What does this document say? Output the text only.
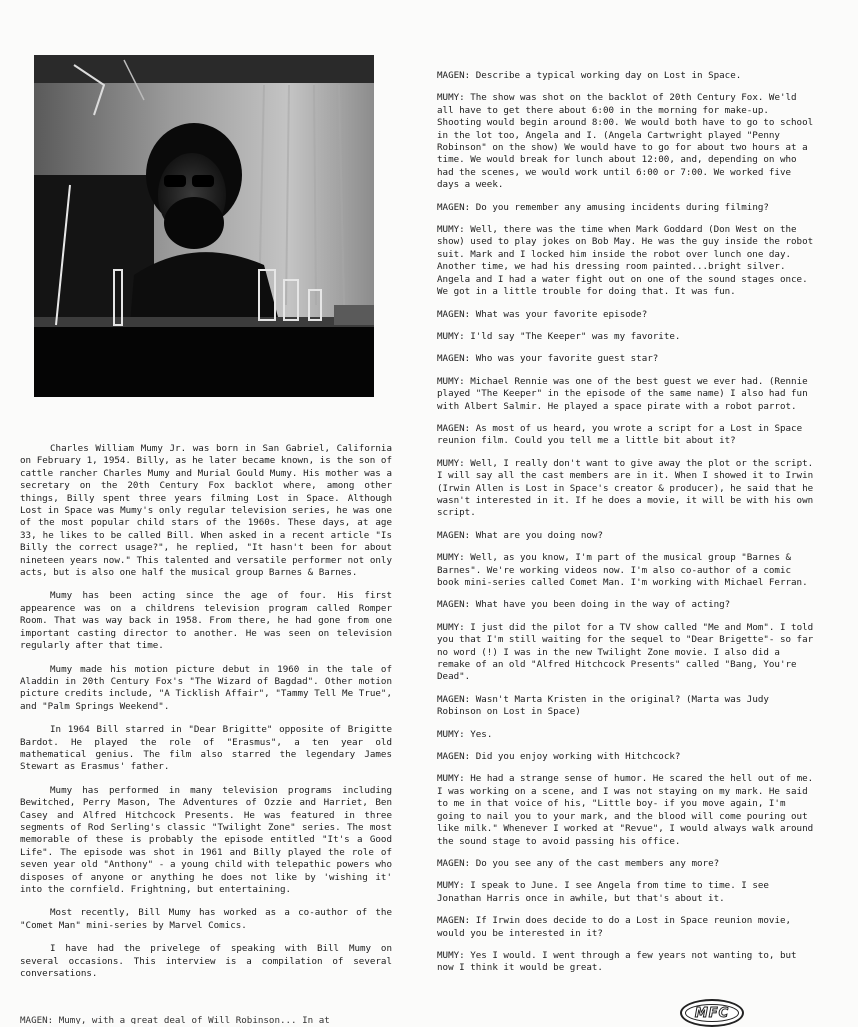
Charles William Mumy Jr. was born in San Gabriel, California on February 1, 1954. Billy, as he later became known, is the son of cattle rancher Charles Mumy and Murial Gould Mumy. His mother was a secretary on the 20th Century Fox backlot where, among other things, Billy spent three years filming Lost in Space. Although Lost in Space was Mumy's only regular television series, he was one of the most popular child stars of the 1960s. These days, at age 33, he likes to be called Bill. When asked in a recent article "Is Billy the correct usage?", he replied, "It hasn't been for about nineteen years now." This talented and versatile performer not only acts, but is also one half the musical group Barnes & Barnes.

Mumy has been acting since the age of four. His first appearence was on a childrens television program called Romper Room. That was way back in 1958. From there, he had gone from one important casting director to another. He was seen on television regularly after that time.

Mumy made his motion picture debut in 1960 in the tale of Aladdin in 20th Century Fox's "The Wizard of Bagdad". Other motion picture credits include, "A Ticklish Affair", "Tammy Tell Me True", and "Palm Springs Weekend".

In 1964 Bill starred in "Dear Brigitte" opposite of Brigitte Bardot. He played the role of "Erasmus", a ten year old mathematical genius. The film also starred the legendary James Stewart as Erasmus' father.

Mumy has performed in many television programs including Bewitched, Perry Mason, The Adventures of Ozzie and Harriet, Ben Casey and Alfred Hitchcock Presents. He was featured in three segments of Rod Serling's classic "Twilight Zone" series. The most memorable of these is probably the episode entitled "It's a Good Life". The episode was shot in 1961 and Billy played the role of seven year old "Anthony" - a young child with telepathic powers who disposes of anyone or anything he does not like by 'wishing it' into the cornfield. Frightning, but entertaining.

Most recently, Bill Mumy has worked as a co-author of the "Comet Man" mini-series by Marvel Comics.

I have had the privelege of speaking with Bill Mumy on several occasions. This interview is a compilation of several conversations.

MAGEN: Mumy, with a great deal of Will Robinson... In at
MAGEN: Describe a typical working day on Lost in Space.
MUMY: The show was shot on the backlot of 20th Century Fox. We'ld all have to get there about 6:00 in the morning for make-up. Shooting would begin around 8:00. We would both have to go to school in the lot too, Angela and I. (Angela Cartwright played "Penny Robinson" on the show) We would have to go for about two hours at a time. We would break for lunch about 12:00, and, depending on who had the scenes, we would work until 6:00 or 7:00. We worked five days a week.
MAGEN: Do you remember any amusing incidents during filming?
MUMY: Well, there was the time when Mark Goddard (Don West on the show) used to play jokes on Bob May. He was the guy inside the robot suit. Mark and I locked him inside the robot over lunch one day. Another time, we had his dressing room painted...bright silver. Angela and I had a water fight out on one of the sound stages once. We got in a little trouble for doing that. It was fun.
MAGEN: What was your favorite episode?
MUMY: I'ld say "The Keeper" was my favorite.
MAGEN: Who was your favorite guest star?
MUMY: Michael Rennie was one of the best guest we ever had. (Rennie played "The Keeper" in the episode of the same name) I also had fun with Albert Salmir. He played a space pirate with a robot parrot.
MAGEN: As most of us heard, you wrote a script for a Lost in Space reunion film. Could you tell me a little bit about it?
MUMY: Well, I really don't want to give away the plot or the script. I will say all the cast members are in it. When I showed it to Irwin (Irwin Allen is Lost in Space's creator & producer), he said that he wasn't interested in it. If he does a movie, it will be with his own script.
MAGEN: What are you doing now?
MUMY: Well, as you know, I'm part of the musical group "Barnes & Barnes". We're working videos now. I'm also co-author of a comic book mini-series called Comet Man. I'm working with Michael Ferran.
MAGEN: What have you been doing in the way of acting?
MUMY: I just did the pilot for a TV show called "Me and Mom". I told you that I'm still waiting for the sequel to "Dear Brigette"- so far no word (!) I was in the new Twilight Zone movie. I also did a remake of an old "Alfred Hitchcock Presents" called "Bang, You're Dead".
MAGEN: Wasn't Marta Kristen in the original? (Marta was Judy Robinson on Lost in Space)
MUMY: Yes.
MAGEN: Did you enjoy working with Hitchcock?
MUMY: He had a strange sense of humor. He scared the hell out of me. I was working on a scene, and I was not staying on my mark. He said to me in that voice of his, "Little boy- if you move again, I'm going to nail you to your mark, and the blood will come pouring out like milk." Whenever I worked at "Revue", I would always walk around the sound stage to avoid passing his office.
MAGEN: Do you see any of the cast members any more?
MUMY: I speak to June. I see Angela from time to time. I see Jonathan Harris once in awhile, but that's about it.
MAGEN: If Irwin does decide to do a Lost in Space reunion movie, would you be interested in it?
MUMY: Yes I would. I went through a few years not wanting to, but now I think it would be great.
MFC
